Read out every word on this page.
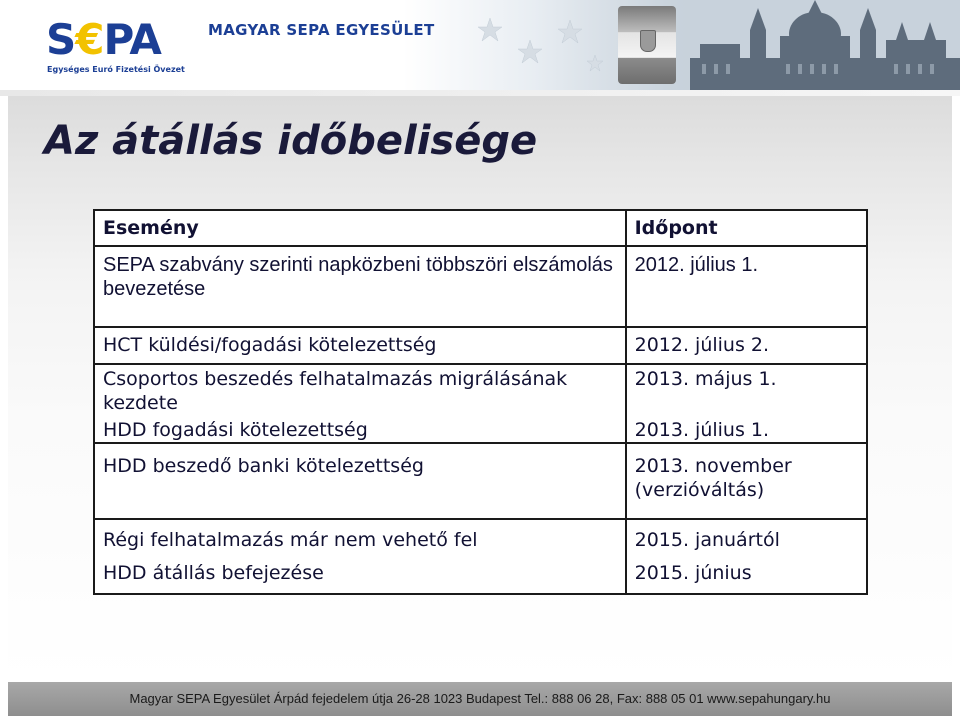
S€PA
Egységes Euró Fizetési Övezet
MAGYAR SEPA EGYESÜLET
Az átállás időbelisége
Esemény	Időpont
SEPA szabvány szerinti napközbeni többszöri elszámolás bevezetése	2012. július 1.
HCT küldési/fogadási kötelezettség	2012. július 2.
Csoportos beszedés felhatalmazás migrálásának kezdete	2013. május 1.
HDD fogadási kötelezettség	2013. július 1.
HDD beszedő banki kötelezettség	2013. november (verzióváltás)
Régi felhatalmazás már nem vehető fel	2015. januártól
HDD átállás befejezése	2015. június
Magyar SEPA Egyesület Árpád fejedelem útja 26-28 1023 Budapest Tel.: 888 06 28, Fax: 888 05 01 www.sepahungary.hu
